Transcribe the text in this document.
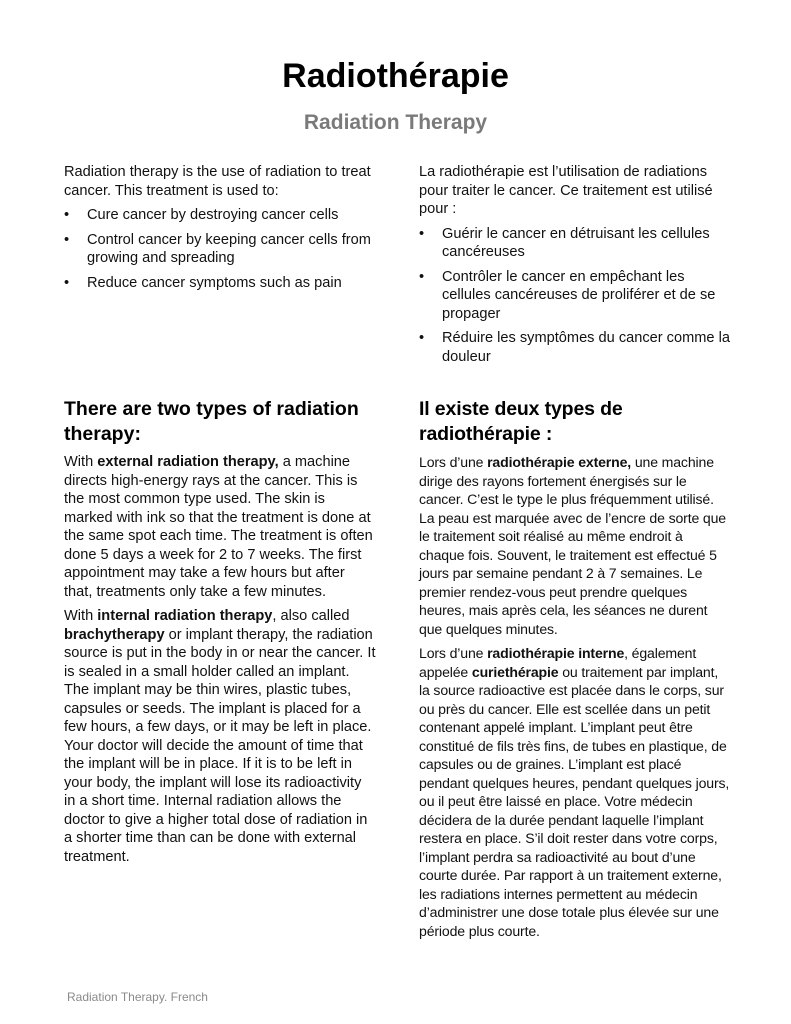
Radiothérapie
Radiation Therapy

Radiation therapy is the use of radiation to treat cancer. This treatment is used to:

• Cure cancer by destroying cancer cells
• Control cancer by keeping cancer cells from growing and spreading
• Reduce cancer symptoms such as pain

La radiothérapie est l’utilisation de radiations pour traiter le cancer. Ce traitement est utilisé pour :

• Guérir le cancer en détruisant les cellules cancéreuses
• Contrôler le cancer en empêchant les cellules cancéreuses de proliférer et de se propager
• Réduire les symptômes du cancer comme la douleur
There are two types of radiation therapy:

With external radiation therapy, a machine directs high-energy rays at the cancer. This is the most common type used. The skin is marked with ink so that the treatment is done at the same spot each time. The treatment is often done 5 days a week for 2 to 7 weeks. The first appointment may take a few hours but after that, treatments only take a few minutes.

With internal radiation therapy, also called brachytherapy or implant therapy, the radiation source is put in the body in or near the cancer. It is sealed in a small holder called an implant. The implant may be thin wires, plastic tubes, capsules or seeds. The implant is placed for a few hours, a few days, or it may be left in place. Your doctor will decide the amount of time that the implant will be in place. If it is to be left in your body, the implant will lose its radioactivity in a short time. Internal radiation allows the doctor to give a higher total dose of radiation in a shorter time than can be done with external treatment.

Il existe deux types de radiothérapie :

Lors d’une radiothérapie externe, une machine dirige des rayons fortement énergisés sur le cancer. C’est le type le plus fréquemment utilisé. La peau est marquée avec de l’encre de sorte que le traitement soit réalisé au même endroit à chaque fois. Souvent, le traitement est effectué 5 jours par semaine pendant 2 à 7 semaines. Le premier rendez-vous peut prendre quelques heures, mais après cela, les séances ne durent que quelques minutes.

Lors d’une radiothérapie interne, également appelée curiethérapie ou traitement par implant, la source radioactive est placée dans le corps, sur ou près du cancer. Elle est scellée dans un petit contenant appelé implant. L’implant peut être constitué de fils très fins, de tubes en plastique, de capsules ou de graines. L’implant est placé pendant quelques heures, pendant quelques jours, ou il peut être laissé en place. Votre médecin décidera de la durée pendant laquelle l’implant restera en place. S’il doit rester dans votre corps, l’implant perdra sa radioactivité au bout d’une courte durée. Par rapport à un traitement externe, les radiations internes permettent au médecin d’administrer une dose totale plus élevée sur une période plus courte.

Radiation Therapy. French
